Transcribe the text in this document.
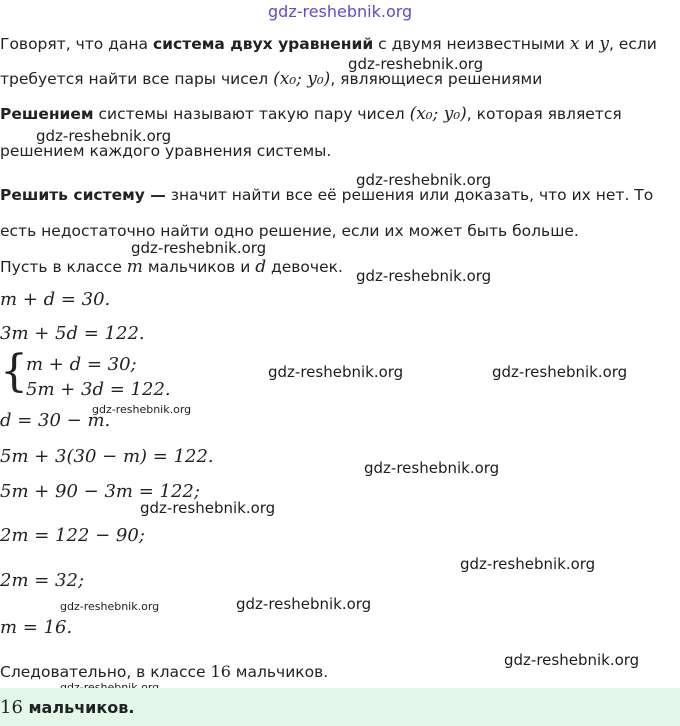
gdz-reshebnik.org
gdz-reshebnik.org
gdz-reshebnik.org
gdz-reshebnik.org
gdz-reshebnik.org
gdz-reshebnik.org
gdz-reshebnik.org	gdz-reshebnik.org
gdz-reshebnik.org
gdz-reshebnik.org
gdz-reshebnik.org
gdz-reshebnik.org
gdz-reshebnik.org	gdz-reshebnik.org
gdz-reshebnik.org
Говорят, что дана система двух уравнений с двумя неизвестными x и y, если
требуется найти все пары чисел (x₀; y₀), являющиеся решениями
Решением системы называют такую пару чисел (x₀; y₀), которая является
решением каждого уравнения системы.
Решить систему — значит найти все её решения или доказать, что их нет. То
есть недостаточно найти одно решение, если их может быть больше.
Пусть в классе m мальчиков и d девочек.
m + d = 30.
3m + 5d = 122.
{
m + d = 30;
5m + 3d = 122.
d = 30 − m.
5m + 3(30 − m) = 122.
5m + 90 − 3m = 122;
2m = 122 − 90;
2m = 32;
m = 16.
Следовательно, в классе 16 мальчиков.
16 мальчиков.
